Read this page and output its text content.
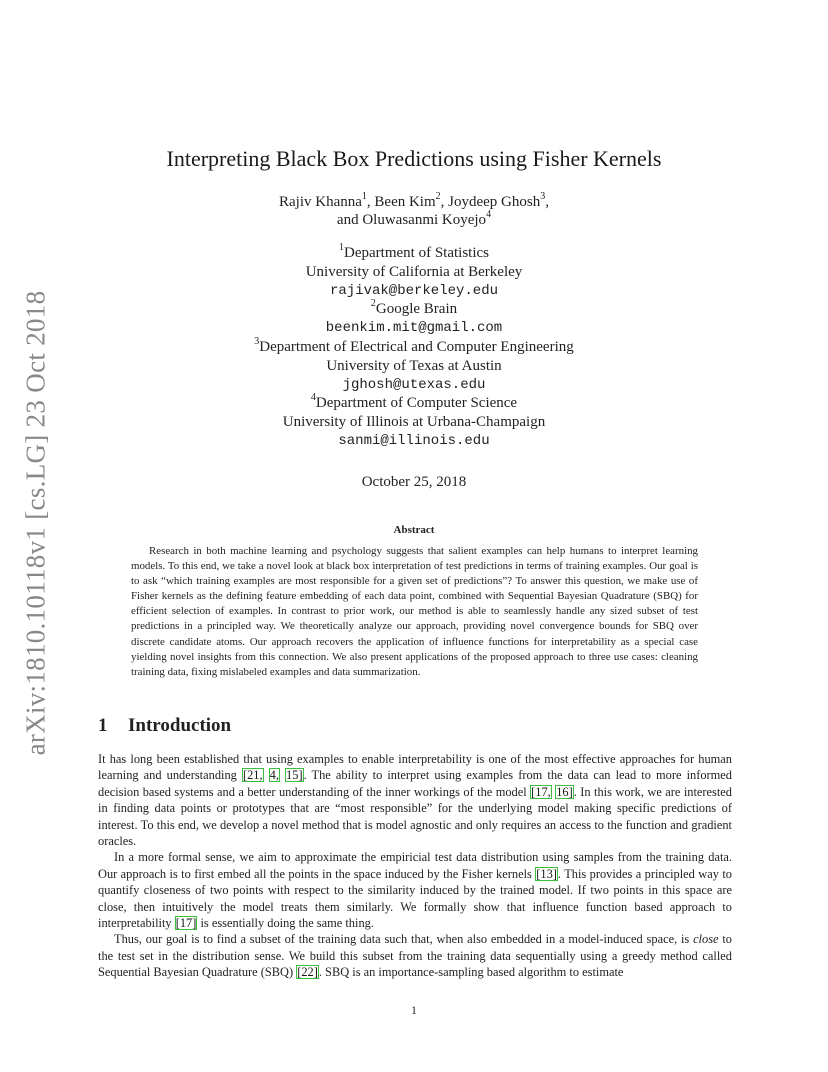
arXiv:1810.10118v1 [cs.LG] 23 Oct 2018
Interpreting Black Box Predictions using Fisher Kernels
Rajiv Khanna$^1$, Been Kim$^2$, Joydeep Ghosh$^3$,
and Oluwasanmi Koyejo$^4$
$^1$Department of Statistics
University of California at Berkeley
rajivak@berkeley.edu
$^2$Google Brain
beenkim.mit@gmail.com
$^3$Department of Electrical and Computer Engineering
University of Texas at Austin
jghosh@utexas.edu
$^4$Department of Computer Science
University of Illinois at Urbana-Champaign
sanmi@illinois.edu
October 25, 2018
Abstract
Research in both machine learning and psychology suggests that salient examples can help humans to interpret learning models. To this end, we take a novel look at black box interpretation of test predictions in terms of training examples. Our goal is to ask “which training examples are most responsible for a given set of predictions”? To answer this question, we make use of Fisher kernels as the defining feature embedding of each data point, combined with Sequential Bayesian Quadrature (SBQ) for efficient selection of examples. In contrast to prior work, our method is able to seamlessly handle any sized subset of test predictions in a principled way. We theoretically analyze our approach, providing novel convergence bounds for SBQ over discrete candidate atoms. Our approach recovers the application of influence functions for interpretability as a special case yielding novel insights from this connection. We also present applications of the proposed approach to three use cases: cleaning training data, fixing mislabeled examples and data summarization.
1 Introduction

It has long been established that using examples to enable interpretability is one of the most effective approaches for human learning and understanding [21, 4, 15]. The ability to interpret using examples from the data can lead to more informed decision based systems and a better understanding of the inner workings of the model [17, 16]. In this work, we are interested in finding data points or prototypes that are “most responsible” for the underlying model making specific predictions of interest. To this end, we develop a novel method that is model agnostic and only requires an access to the function and gradient oracles.

In a more formal sense, we aim to approximate the empiricial test data distribution using samples from the training data. Our approach is to first embed all the points in the space induced by the Fisher kernels [13]. This provides a principled way to quantify closeness of two points with respect to the similarity induced by the trained model. If two points in this space are close, then intuitively the model treats them similarly. We formally show that influence function based approach to interpretability [17] is essentially doing the same thing.

Thus, our goal is to find a subset of the training data such that, when also embedded in a model-induced space, is close to the test set in the distribution sense. We build this subset from the training data sequentially using a greedy method called Sequential Bayesian Quadrature (SBQ) [22]. SBQ is an importance-sampling based algorithm to estimate

1
